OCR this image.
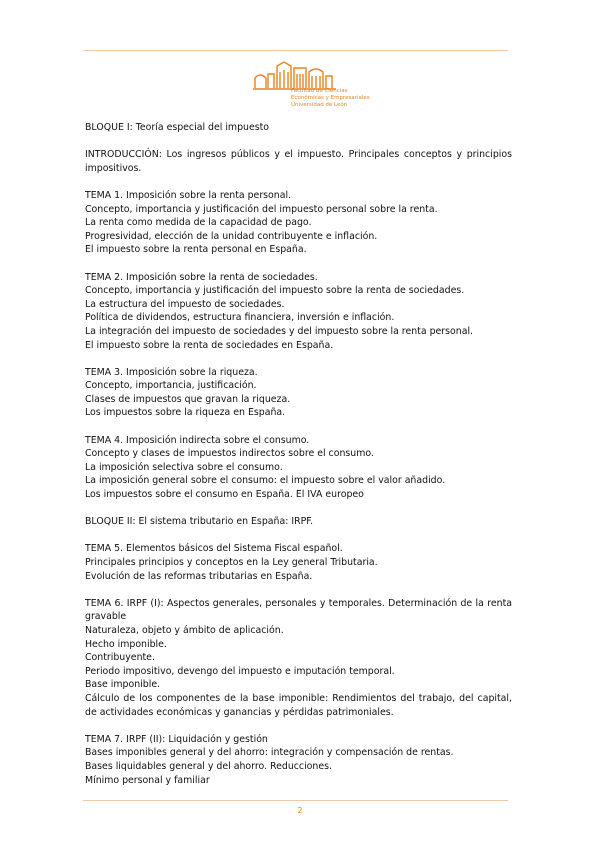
Facultad de Ciencias
Económicas y Empresariales
Universidad de León

BLOQUE I: Teoría especial del impuesto

INTRODUCCIÓN: Los ingresos públicos y el impuesto. Principales conceptos y principios impositivos.

TEMA 1. Imposición sobre la renta personal.
Concepto, importancia y justificación del impuesto personal sobre la renta.
La renta como medida de la capacidad de pago.
Progresividad, elección de la unidad contribuyente e inflación.
El impuesto sobre la renta personal en España.

TEMA 2. Imposición sobre la renta de sociedades.
Concepto, importancia y justificación del impuesto sobre la renta de sociedades.
La estructura del impuesto de sociedades.
Política de dividendos, estructura financiera, inversión e inflación.
La integración del impuesto de sociedades y del impuesto sobre la renta personal.
El impuesto sobre la renta de sociedades en España.

TEMA 3. Imposición sobre la riqueza.
Concepto, importancia, justificación.
Clases de impuestos que gravan la riqueza.
Los impuestos sobre la riqueza en España.

TEMA 4. Imposición indirecta sobre el consumo.
Concepto y clases de impuestos indirectos sobre el consumo.
La imposición selectiva sobre el consumo.
La imposición general sobre el consumo: el impuesto sobre el valor añadido.
Los impuestos sobre el consumo en España. El IVA europeo

BLOQUE II: El sistema tributario en España: IRPF.

TEMA 5. Elementos básicos del Sistema Fiscal español.
Principales principios y conceptos en la Ley general Tributaria.
Evolución de las reformas tributarias en España.

TEMA 6. IRPF (I): Aspectos generales, personales y temporales. Determinación de la renta gravable
Naturaleza, objeto y ámbito de aplicación.
Hecho imponible.
Contribuyente.
Periodo impositivo, devengo del impuesto e imputación temporal.
Base imponible.
Cálculo de los componentes de la base imponible: Rendimientos del trabajo, del capital, de actividades económicas y ganancias y pérdidas patrimoniales.

TEMA 7. IRPF (II): Liquidación y gestión
Bases imponibles general y del ahorro: integración y compensación de rentas.
Bases liquidables general y del ahorro. Reducciones.
Mínimo personal y familiar

2
